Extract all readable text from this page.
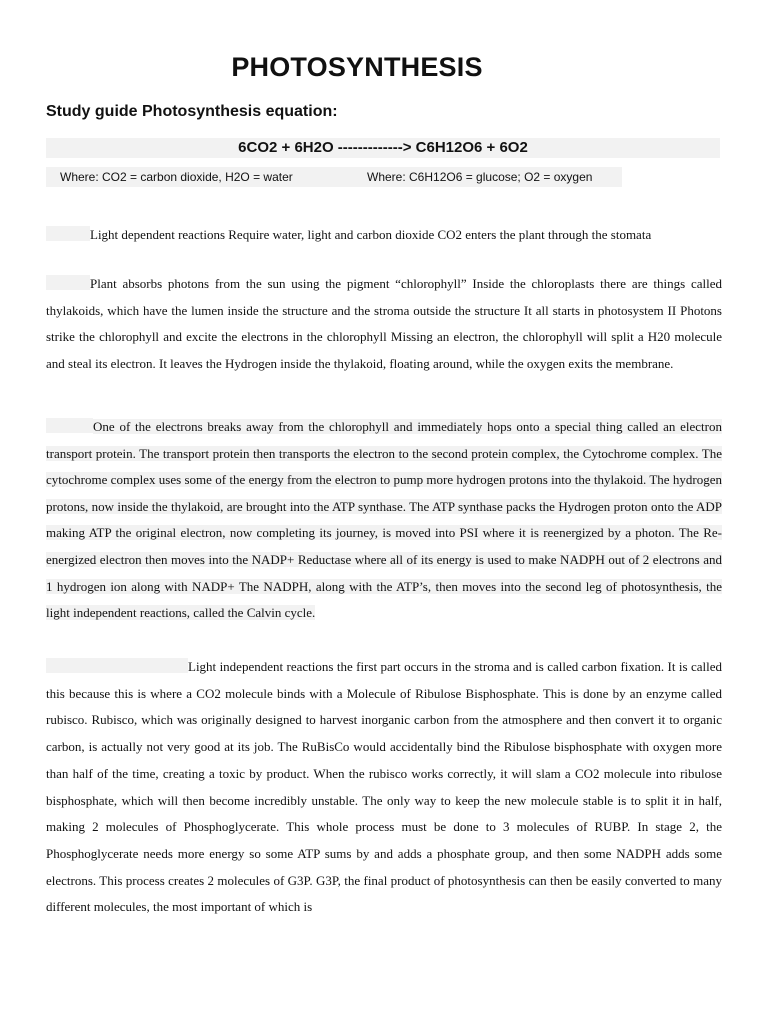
PHOTOSYNTHESIS
Study guide Photosynthesis equation:
6CO2 + 6H2O -------------> C6H12O6 + 6O2
Where: CO2 = carbon dioxide, H2O = water	Where: C6H12O6 = glucose; O2 = oxygen

Light dependent reactions Require water, light and carbon dioxide CO2 enters the plant through the stomata

Plant absorbs photons from the sun using the pigment “chlorophyll” Inside the chloroplasts there are things called thylakoids, which have the lumen inside the structure and the stroma outside the structure It all starts in photosystem II Photons strike the chlorophyll and excite the electrons in the chlorophyll Missing an electron, the chlorophyll will split a H20 molecule and steal its electron. It leaves the Hydrogen inside the thylakoid, floating around, while the oxygen exits the membrane.

One of the electrons breaks away from the chlorophyll and immediately hops onto a special thing called an electron transport protein. The transport protein then transports the electron to the second protein complex, the Cytochrome complex. The cytochrome complex uses some of the energy from the electron to pump more hydrogen protons into the thylakoid. The hydrogen protons, now inside the thylakoid, are brought into the ATP synthase. The ATP synthase packs the Hydrogen proton onto the ADP making ATP the original electron, now completing its journey, is moved into PSI where it is reenergized by a photon. The Re-energized electron then moves into the NADP+ Reductase where all of its energy is used to make NADPH out of 2 electrons and 1 hydrogen ion along with NADP+ The NADPH, along with the ATP’s, then moves into the second leg of photosynthesis, the light independent reactions, called the Calvin cycle.

Light independent reactions the first part occurs in the stroma and is called carbon fixation. It is called this because this is where a CO2 molecule binds with a Molecule of Ribulose Bisphosphate. This is done by an enzyme called rubisco. Rubisco, which was originally designed to harvest inorganic carbon from the atmosphere and then convert it to organic carbon, is actually not very good at its job. The RuBisCo would accidentally bind the Ribulose bisphosphate with oxygen more than half of the time, creating a toxic by product. When the rubisco works correctly, it will slam a CO2 molecule into ribulose bisphosphate, which will then become incredibly unstable. The only way to keep the new molecule stable is to split it in half, making 2 molecules of Phosphoglycerate. This whole process must be done to 3 molecules of RUBP. In stage 2, the Phosphoglycerate needs more energy so some ATP sums by and adds a phosphate group, and then some NADPH adds some electrons. This process creates 2 molecules of G3P. G3P, the final product of photosynthesis can then be easily converted to many different molecules, the most important of which is
